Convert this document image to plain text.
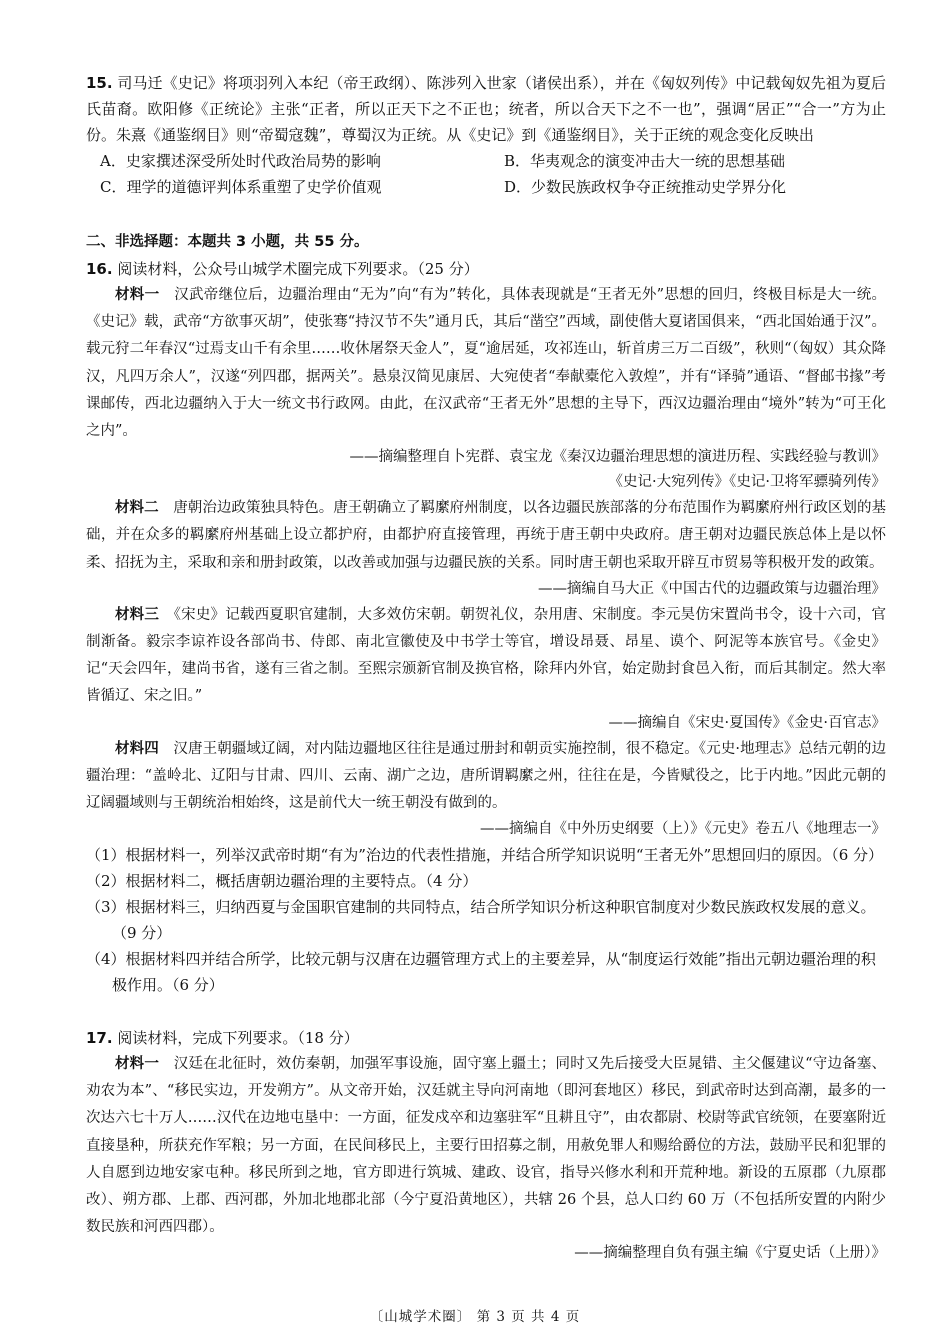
15. 司马迁《史记》将项羽列入本纪（帝王政纲）、陈涉列入世家（诸侯出系），并在《匈奴列传》中记载匈奴先祖为夏后氏苗裔。欧阳修《正统论》主张“正者，所以正天下之不正也；统者，所以合天下之不一也”，强调“居正”“合一”方为止份。朱熹《通鉴纲目》则“帝蜀寇魏”，尊蜀汉为正统。从《史记》到《通鉴纲目》，关于正统的观念变化反映出

A．史家撰述深受所处时代政治局势的影响	B．华夷观念的演变冲击大一统的思想基础
C．理学的道德评判体系重塑了史学价值观	D．少数民族政权争夺正统推动史学界分化

二、非选择题：本题共 3 小题，共 55 分。

16. 阅读材料，公众号山城学术圈完成下列要求。（25 分）

材料一　 汉武帝继位后，边疆治理由“无为”向“有为”转化，具体表现就是“王者无外”思想的回归，终极目标是大一统。《史记》载，武帝“方欲事灭胡”，使张骞“持汉节不失”通月氏，其后“凿空”西域，副使偕大夏诸国俱来，“西北国始通于汉”。载元狩二年春汉“过焉支山千有余里……收休屠祭天金人”，夏“逾居延，攻祁连山，斩首虏三万二百级”，秋则“（匈奴）其众降汉，凡四万余人”，汉遂“列四郡，据两关”。悬泉汉简见康居、大宛使者“奉献橐佗入敦煌”，并有“译骑”通语、“督邮书掾”考课邮传，西北边疆纳入于大一统文书行政网。由此，在汉武帝“王者无外”思想的主导下，西汉边疆治理由“境外”转为“可王化之内”。

——摘编整理自卜宪群、袁宝龙《秦汉边疆治理思想的演进历程、实践经验与教训》

《史记·大宛列传》《史记·卫将军骠骑列传》

材料二　 唐朝治边政策独具特色。唐王朝确立了羁縻府州制度，以各边疆民族部落的分布范围作为羁縻府州行政区划的基础，并在众多的羁縻府州基础上设立都护府，由都护府直接管理，再统于唐王朝中央政府。唐王朝对边疆民族总体上是以怀柔、招抚为主，采取和亲和册封政策，以改善或加强与边疆民族的关系。同时唐王朝也采取开辟互市贸易等积极开发的政策。

——摘编自马大正《中国古代的边疆政策与边疆治理》

材料三　 《宋史》记载西夏职官建制，大多效仿宋朝。朝贺礼仪，杂用唐、宋制度。李元昊仿宋置尚书令，设十六司，官制渐备。毅宗李谅祚设各部尚书、侍郎、南北宣徽使及中书学士等官，增设昂聂、昂星、谟个、阿泥等本族官号。《金史》记“天会四年，建尚书省，遂有三省之制。至熙宗颁新官制及换官格，除拜内外官，始定勋封食邑入衔，而后其制定。然大率皆循辽、宋之旧。”

——摘编自《宋史·夏国传》《金史·百官志》

材料四　 汉唐王朝疆域辽阔，对内陆边疆地区往往是通过册封和朝贡实施控制，很不稳定。《元史·地理志》总结元朝的边疆治理：“盖岭北、辽阳与甘肃、四川、云南、湖广之边，唐所谓羁縻之州，往往在是，今皆赋役之，比于内地。”因此元朝的辽阔疆域则与王朝统治相始终，这是前代大一统王朝没有做到的。

——摘编自《中外历史纲要（上）》《元史》卷五八《地理志一》

（1）根据材料一，列举汉武帝时期“有为”治边的代表性措施，并结合所学知识说明“王者无外”思想回归的原因。（6 分）

（2）根据材料二，概括唐朝边疆治理的主要特点。（4 分）

（3）根据材料三，归纳西夏与金国职官建制的共同特点，结合所学知识分析这种职官制度对少数民族政权发展的意义。（9 分）

（4）根据材料四并结合所学，比较元朝与汉唐在边疆管理方式上的主要差异，从“制度运行效能”指出元朝边疆治理的积极作用。（6 分）

17. 阅读材料，完成下列要求。（18 分）

材料一　 汉廷在北征时，效仿秦朝，加强军事设施，固守塞上疆土；同时又先后接受大臣晁错、主父偃建议“守边备塞、劝农为本”、“移民实边，开发朔方”。从文帝开始，汉廷就主导向河南地（即河套地区）移民，到武帝时达到高潮，最多的一次达六七十万人……汉代在边地屯垦中：一方面，征发戍卒和边塞驻军“且耕且守”，由农都尉、校尉等武官统领，在要塞附近直接垦种，所获充作军粮；另一方面，在民间移民上，主要行田招募之制，用赦免罪人和赐给爵位的方法，鼓励平民和犯罪的人自愿到边地安家屯种。移民所到之地，官方即进行筑城、建政、设官，指导兴修水利和开荒种地。新设的五原郡（九原郡改）、朔方郡、上郡、西河郡，外加北地郡北部（今宁夏沿黄地区），共辖 26 个县，总人口约 60 万（不包括所安置的内附少数民族和河西四郡）。

——摘编整理自负有强主编《宁夏史话（上册）》

〔山城学术圈〕 第 3 页 共 4 页
